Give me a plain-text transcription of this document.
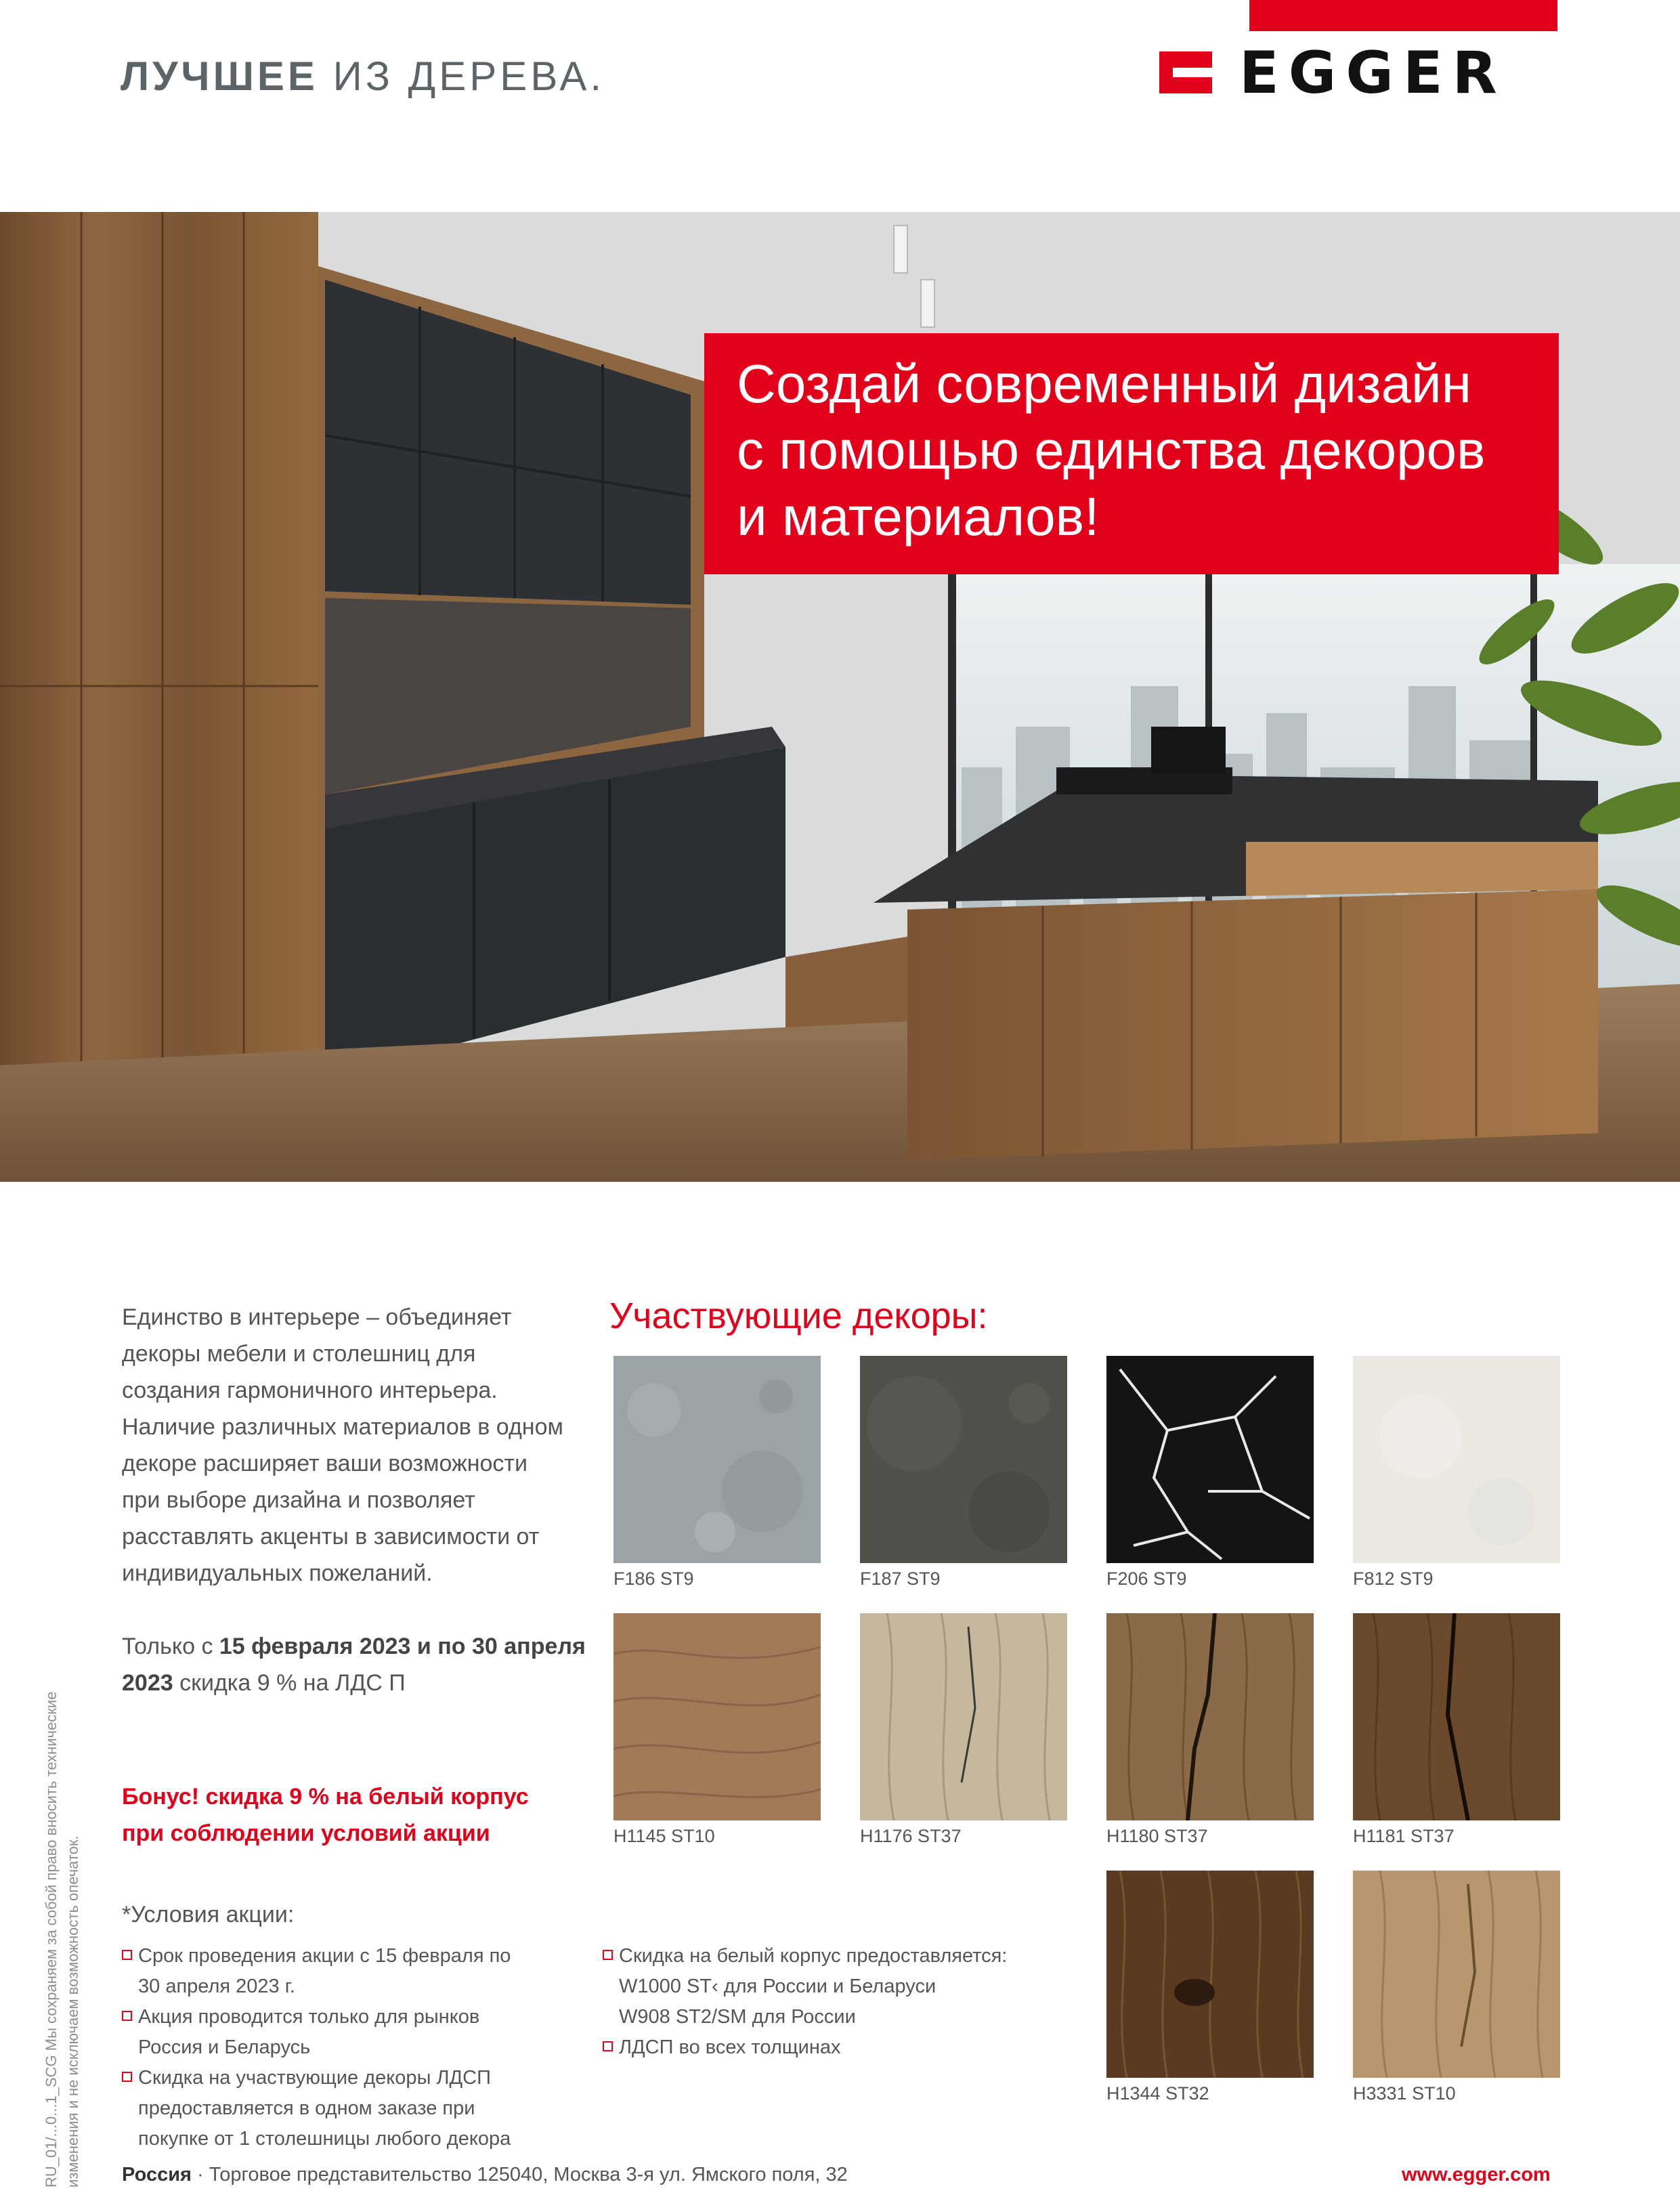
ЛУЧШЕЕ ИЗ ДЕРЕВА.	EGGER
Создай современный дизайн
с помощью единства декоров
и материалов!

Единство в интерьере – объединяет

декоры мебели и столешниц для

создания гармоничного интерьера.

Наличие различных материалов в одном

декоре расширяет ваши возможности

при выборе дизайна и позволяет

расставлять акценты в зависимости от

индивидуальных пожеланий.

Только с 15 февраля 2023 и по 30 апреля
2023 скидка 9 % на ЛДС П
Бонус! скидка 9 % на белый корпус
при соблюдении условий акции
*Условия акции:
Срок проведения акции с 15 февраля по
30 апреля 2023 г.
Акция проводится только для рынков
Россия и Беларусь
Скидка на участвующие декоры ЛДСП
предоставляется в одном заказе при
покупке от 1 столешницы любого декора
Скидка на белый корпус предоставляется:
W1000 ST‹ для России и Беларуси
W908 ST2/SM для России
ЛДСП во всех толщинах
RU_01/...0...1_SCG Мы сохраняем за собой право вносить технические изменения и не исключаем возможность опечаток.
Участвующие декоры:
F186 ST9	F187 ST9	F206 ST9	F812 ST9
H1145 ST10	H1176 ST37	H1180 ST37	H1181 ST37
H1344 ST32	H3331 ST10
Россия · Торговое представительство 125040, Москва 3-я ул. Ямского поля, 32	www.egger.com
